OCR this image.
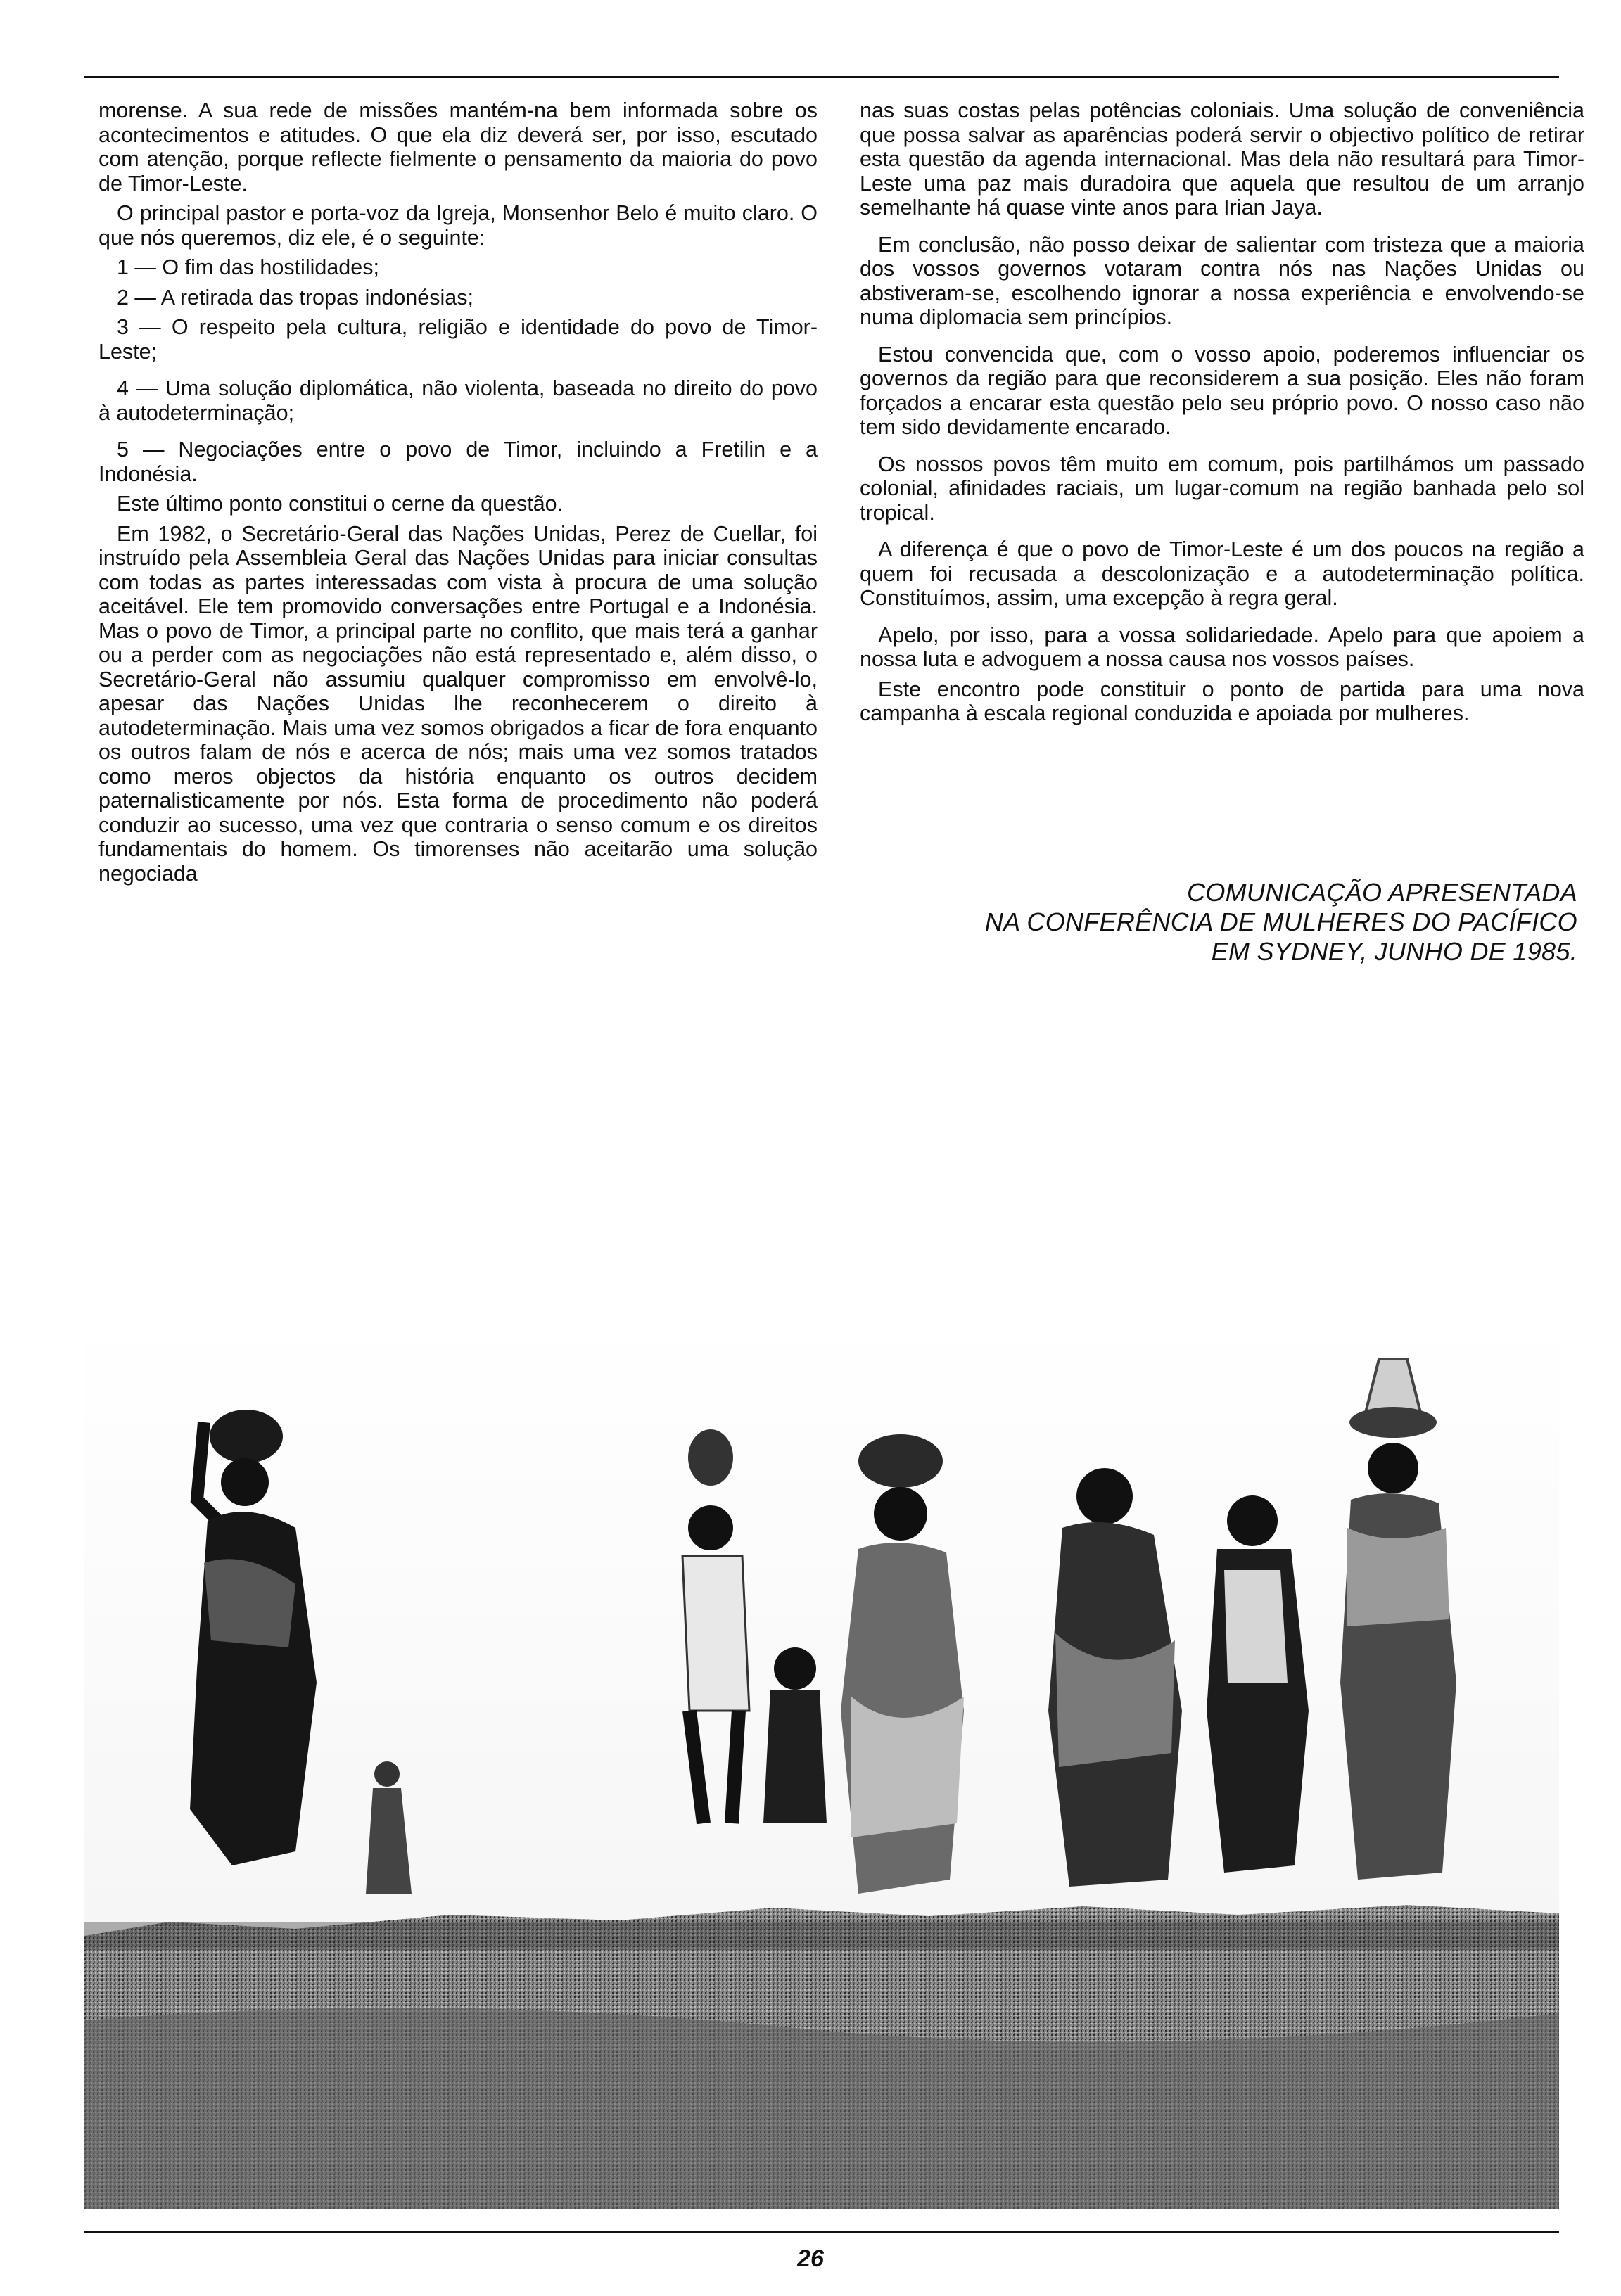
morense. A sua rede de missões mantém-na bem informada sobre os acontecimentos e atitudes. O que ela diz deverá ser, por isso, escutado com atenção, porque reflecte fielmente o pensamento da maioria do povo de Timor-Leste.

O principal pastor e porta-voz da Igreja, Monsenhor Belo é muito claro. O que nós queremos, diz ele, é o seguinte:

1 — O fim das hostilidades;

2 — A retirada das tropas indonésias;

3 — O respeito pela cultura, religião e identidade do povo de Timor-Leste;

4 — Uma solução diplomática, não violenta, baseada no direito do povo à autodeterminação;

5 — Negociações entre o povo de Timor, incluindo a Fretilin e a Indonésia.

Este último ponto constitui o cerne da questão.

Em 1982, o Secretário-Geral das Nações Unidas, Perez de Cuellar, foi instruído pela Assembleia Geral das Nações Unidas para iniciar consultas com todas as partes interessadas com vista à procura de uma solução aceitável. Ele tem promovido conversações entre Portugal e a Indonésia. Mas o povo de Timor, a principal parte no conflito, que mais terá a ganhar ou a perder com as negociações não está representado e, além disso, o Secretário-Geral não assumiu qualquer compromisso em envolvê-lo, apesar das Nações Unidas lhe reconhecerem o direito à autodeterminação. Mais uma vez somos obrigados a ficar de fora enquanto os outros falam de nós e acerca de nós; mais uma vez somos tratados como meros objectos da história enquanto os outros decidem paternalisticamente por nós. Esta forma de procedimento não poderá conduzir ao sucesso, uma vez que contraria o senso comum e os direitos fundamentais do homem. Os timorenses não aceitarão uma solução negociada

nas suas costas pelas potências coloniais. Uma solução de conveniência que possa salvar as aparências poderá servir o objectivo político de retirar esta questão da agenda internacional. Mas dela não resultará para Timor-Leste uma paz mais duradoira que aquela que resultou de um arranjo semelhante há quase vinte anos para Irian Jaya.

Em conclusão, não posso deixar de salientar com tristeza que a maioria dos vossos governos votaram contra nós nas Nações Unidas ou abstiveram-se, escolhendo ignorar a nossa experiência e envolvendo-se numa diplomacia sem princípios.

Estou convencida que, com o vosso apoio, poderemos influenciar os governos da região para que reconsiderem a sua posição. Eles não foram forçados a encarar esta questão pelo seu próprio povo. O nosso caso não tem sido devidamente encarado.

Os nossos povos têm muito em comum, pois partilhámos um passado colonial, afinidades raciais, um lugar-comum na região banhada pelo sol tropical.

A diferença é que o povo de Timor-Leste é um dos poucos na região a quem foi recusada a descolonização e a autodeterminação política. Constituímos, assim, uma excepção à regra geral.

Apelo, por isso, para a vossa solidariedade. Apelo para que apoiem a nossa luta e advoguem a nossa causa nos vossos países.

Este encontro pode constituir o ponto de partida para uma nova campanha à escala regional conduzida e apoiada por mulheres.

COMUNICAÇÃO APRESENTADA
NA CONFERÊNCIA DE MULHERES DO PACÍFICO
EM SYDNEY, JUNHO DE 1985.
26
